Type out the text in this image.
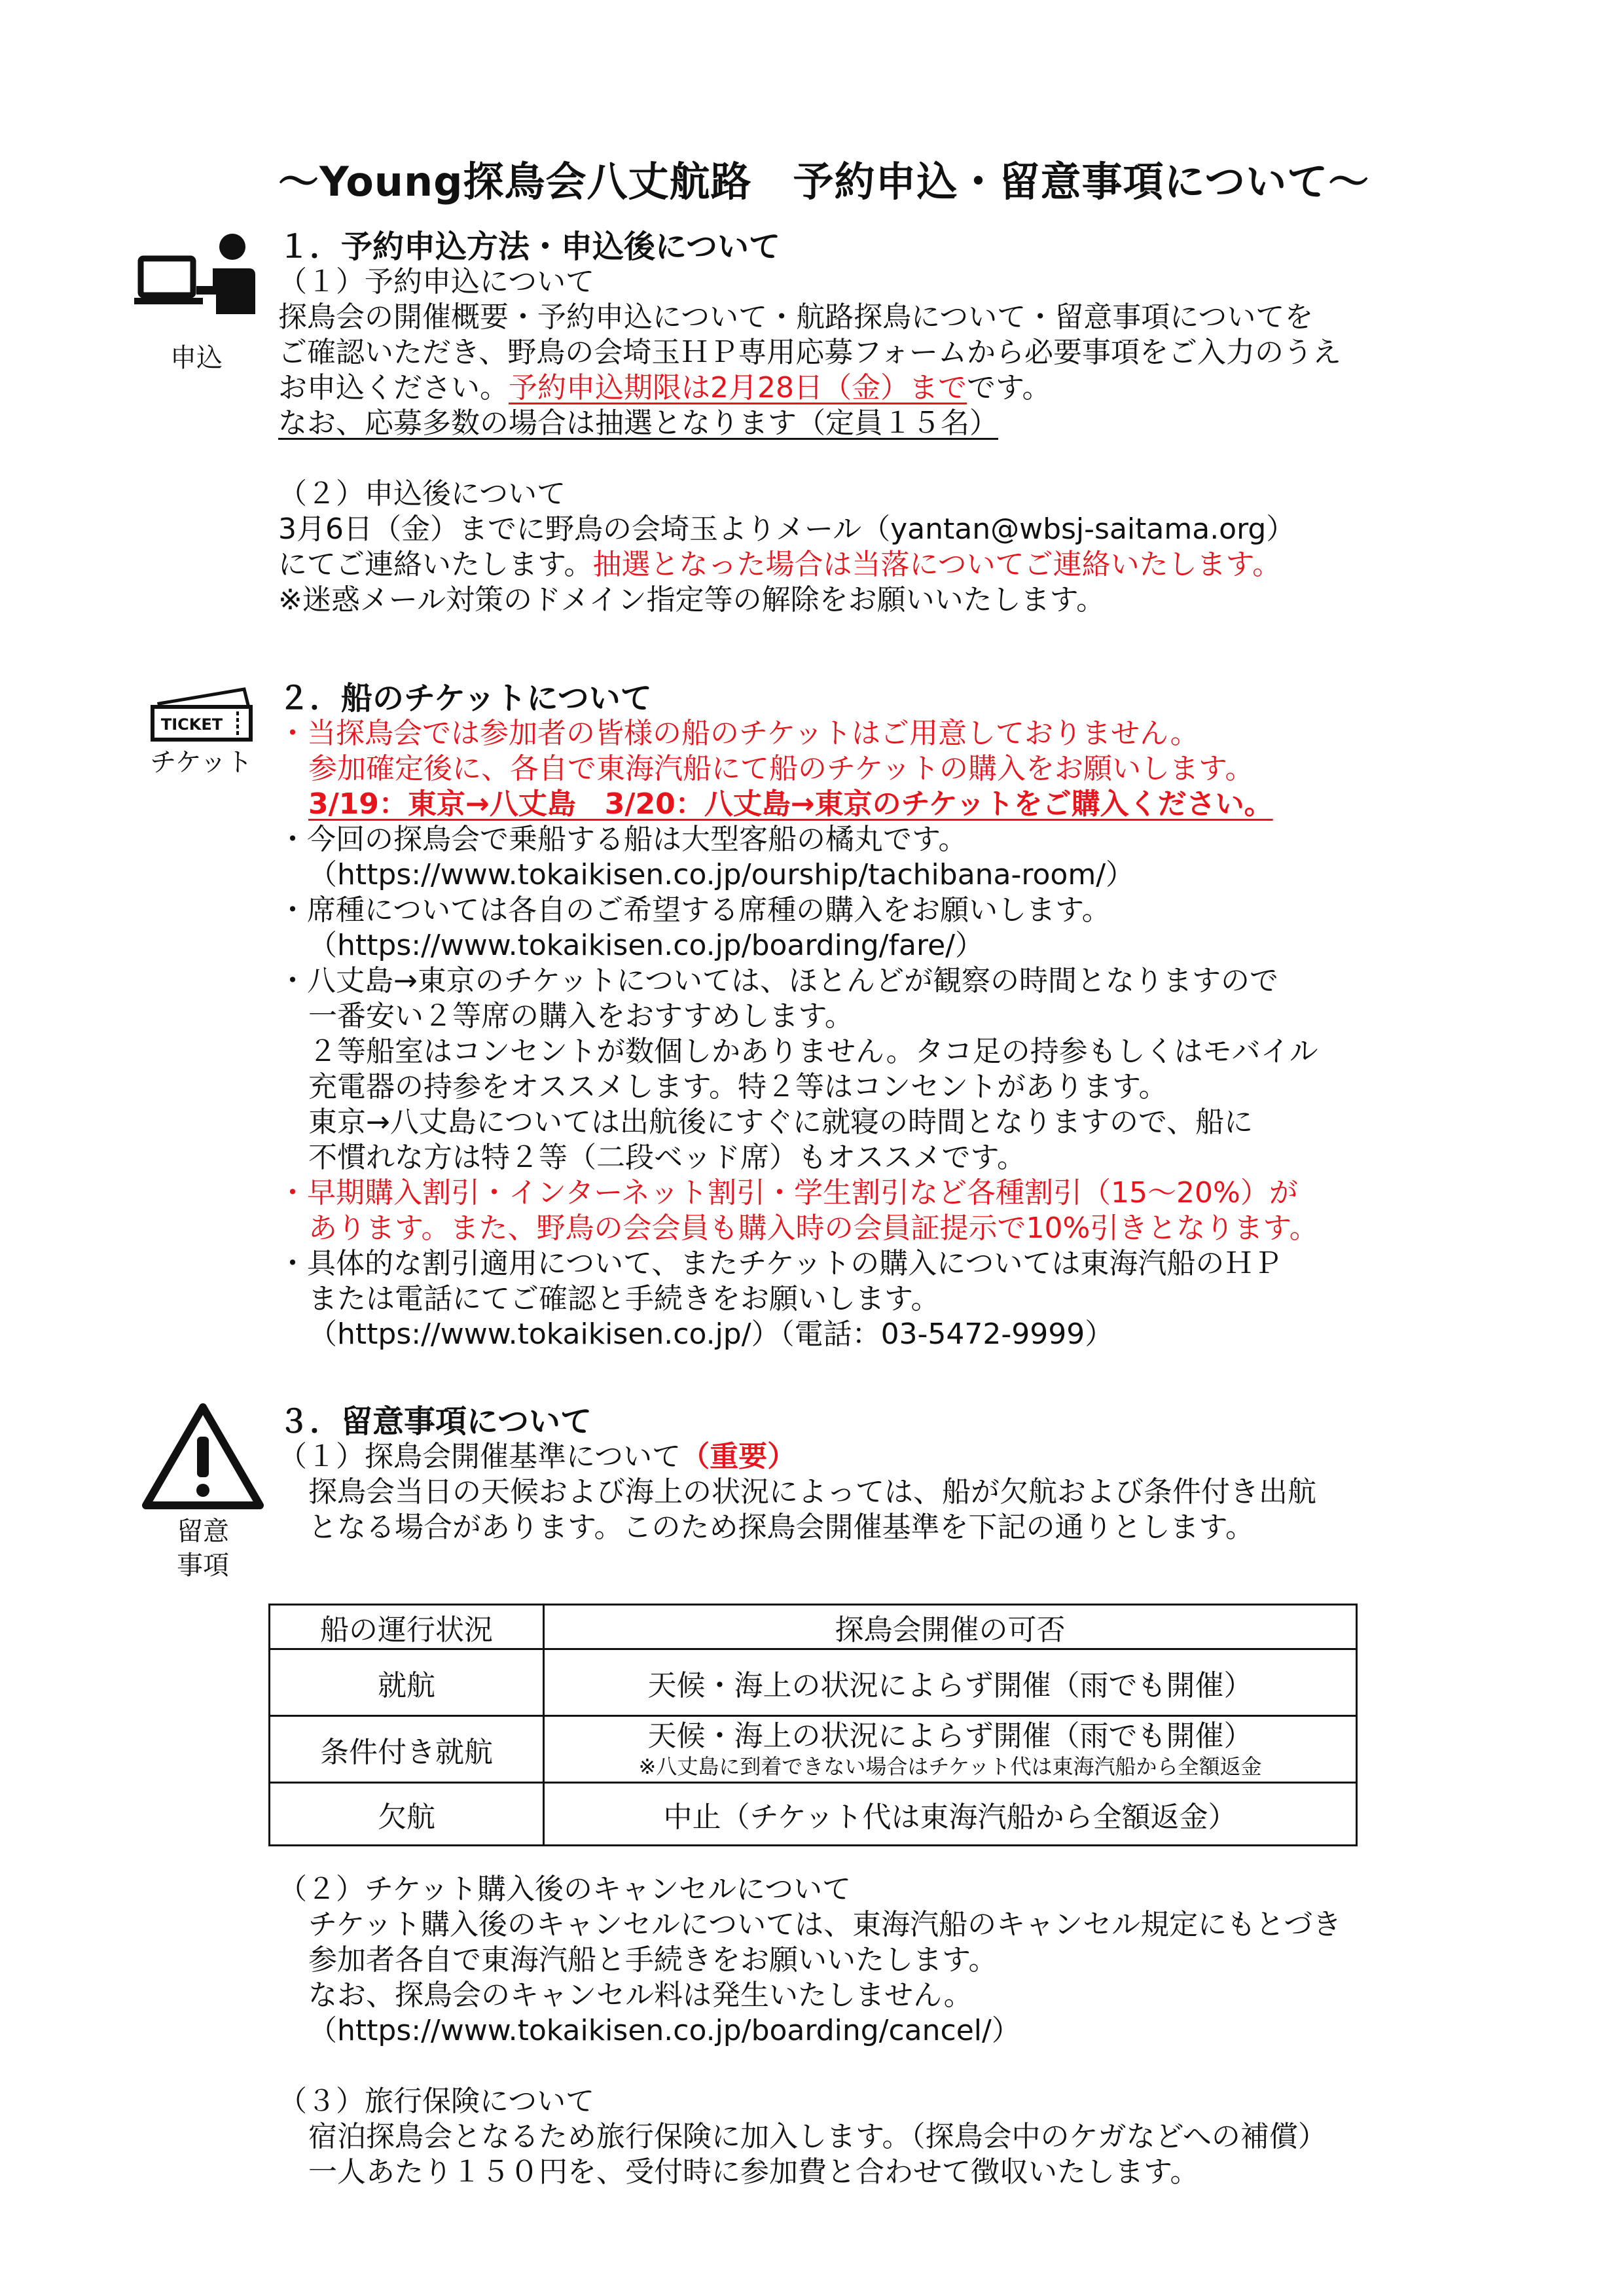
〜Young探鳥会八丈航路　予約申込・留意事項について〜
申込
１．予約申込方法・申込後について
（１）予約申込について
探鳥会の開催概要・予約申込について・航路探鳥について・留意事項についてを
ご確認いただき、野鳥の会埼玉ＨＰ専用応募フォームから必要事項をご入力のうえ
お申込ください。予約申込期限は2月28日（金）までです。
なお、応募多数の場合は抽選となります（定員１５名）
（２）申込後について
3月6日（金）までに野鳥の会埼玉よりメール（yantan@wbsj-saitama.org）
にてご連絡いたします。抽選となった場合は当落についてご連絡いたします。
※迷惑メール対策のドメイン指定等の解除をお願いいたします。
TICKET
チケット
２．船のチケットについて
・当探鳥会では参加者の皆様の船のチケットはご用意しておりません。
参加確定後に、各自で東海汽船にて船のチケットの購入をお願いします。
3/19：東京→八丈島　3/20：八丈島→東京のチケットをご購入ください。
・今回の探鳥会で乗船する船は大型客船の橘丸です。
（https://www.tokaikisen.co.jp/ourship/tachibana-room/）
・席種については各自のご希望する席種の購入をお願いします。
（https://www.tokaikisen.co.jp/boarding/fare/）
・八丈島→東京のチケットについては、ほとんどが観察の時間となりますので
一番安い２等席の購入をおすすめします。
２等船室はコンセントが数個しかありません。タコ足の持参もしくはモバイル
充電器の持参をオススメします。特２等はコンセントがあります。
東京→八丈島については出航後にすぐに就寝の時間となりますので、船に
不慣れな方は特２等（二段ベッド席）もオススメです。
・早期購入割引・インターネット割引・学生割引など各種割引（15〜20%）が
あります。また、野鳥の会会員も購入時の会員証提示で10%引きとなります。
・具体的な割引適用について、またチケットの購入については東海汽船のＨＰ
または電話にてご確認と手続きをお願いします。
（https://www.tokaikisen.co.jp/）（電話：03-5472-9999）
留意
事項
３．留意事項について
（１）探鳥会開催基準について（重要）
探鳥会当日の天候および海上の状況によっては、船が欠航および条件付き出航
となる場合があります。このため探鳥会開催基準を下記の通りとします。
船の運行状況	探鳥会開催の可否
就航	天候・海上の状況によらず開催（雨でも開催）
条件付き就航	天候・海上の状況によらず開催（雨でも開催）
※八丈島に到着できない場合はチケット代は東海汽船から全額返金

欠航	中止（チケット代は東海汽船から全額返金）
（２）チケット購入後のキャンセルについて
チケット購入後のキャンセルについては、東海汽船のキャンセル規定にもとづき
参加者各自で東海汽船と手続きをお願いいたします。
なお、探鳥会のキャンセル料は発生いたしません。
（https://www.tokaikisen.co.jp/boarding/cancel/）
（３）旅行保険について
宿泊探鳥会となるため旅行保険に加入します。（探鳥会中のケガなどへの補償）
一人あたり１５０円を、受付時に参加費と合わせて徴収いたします。
